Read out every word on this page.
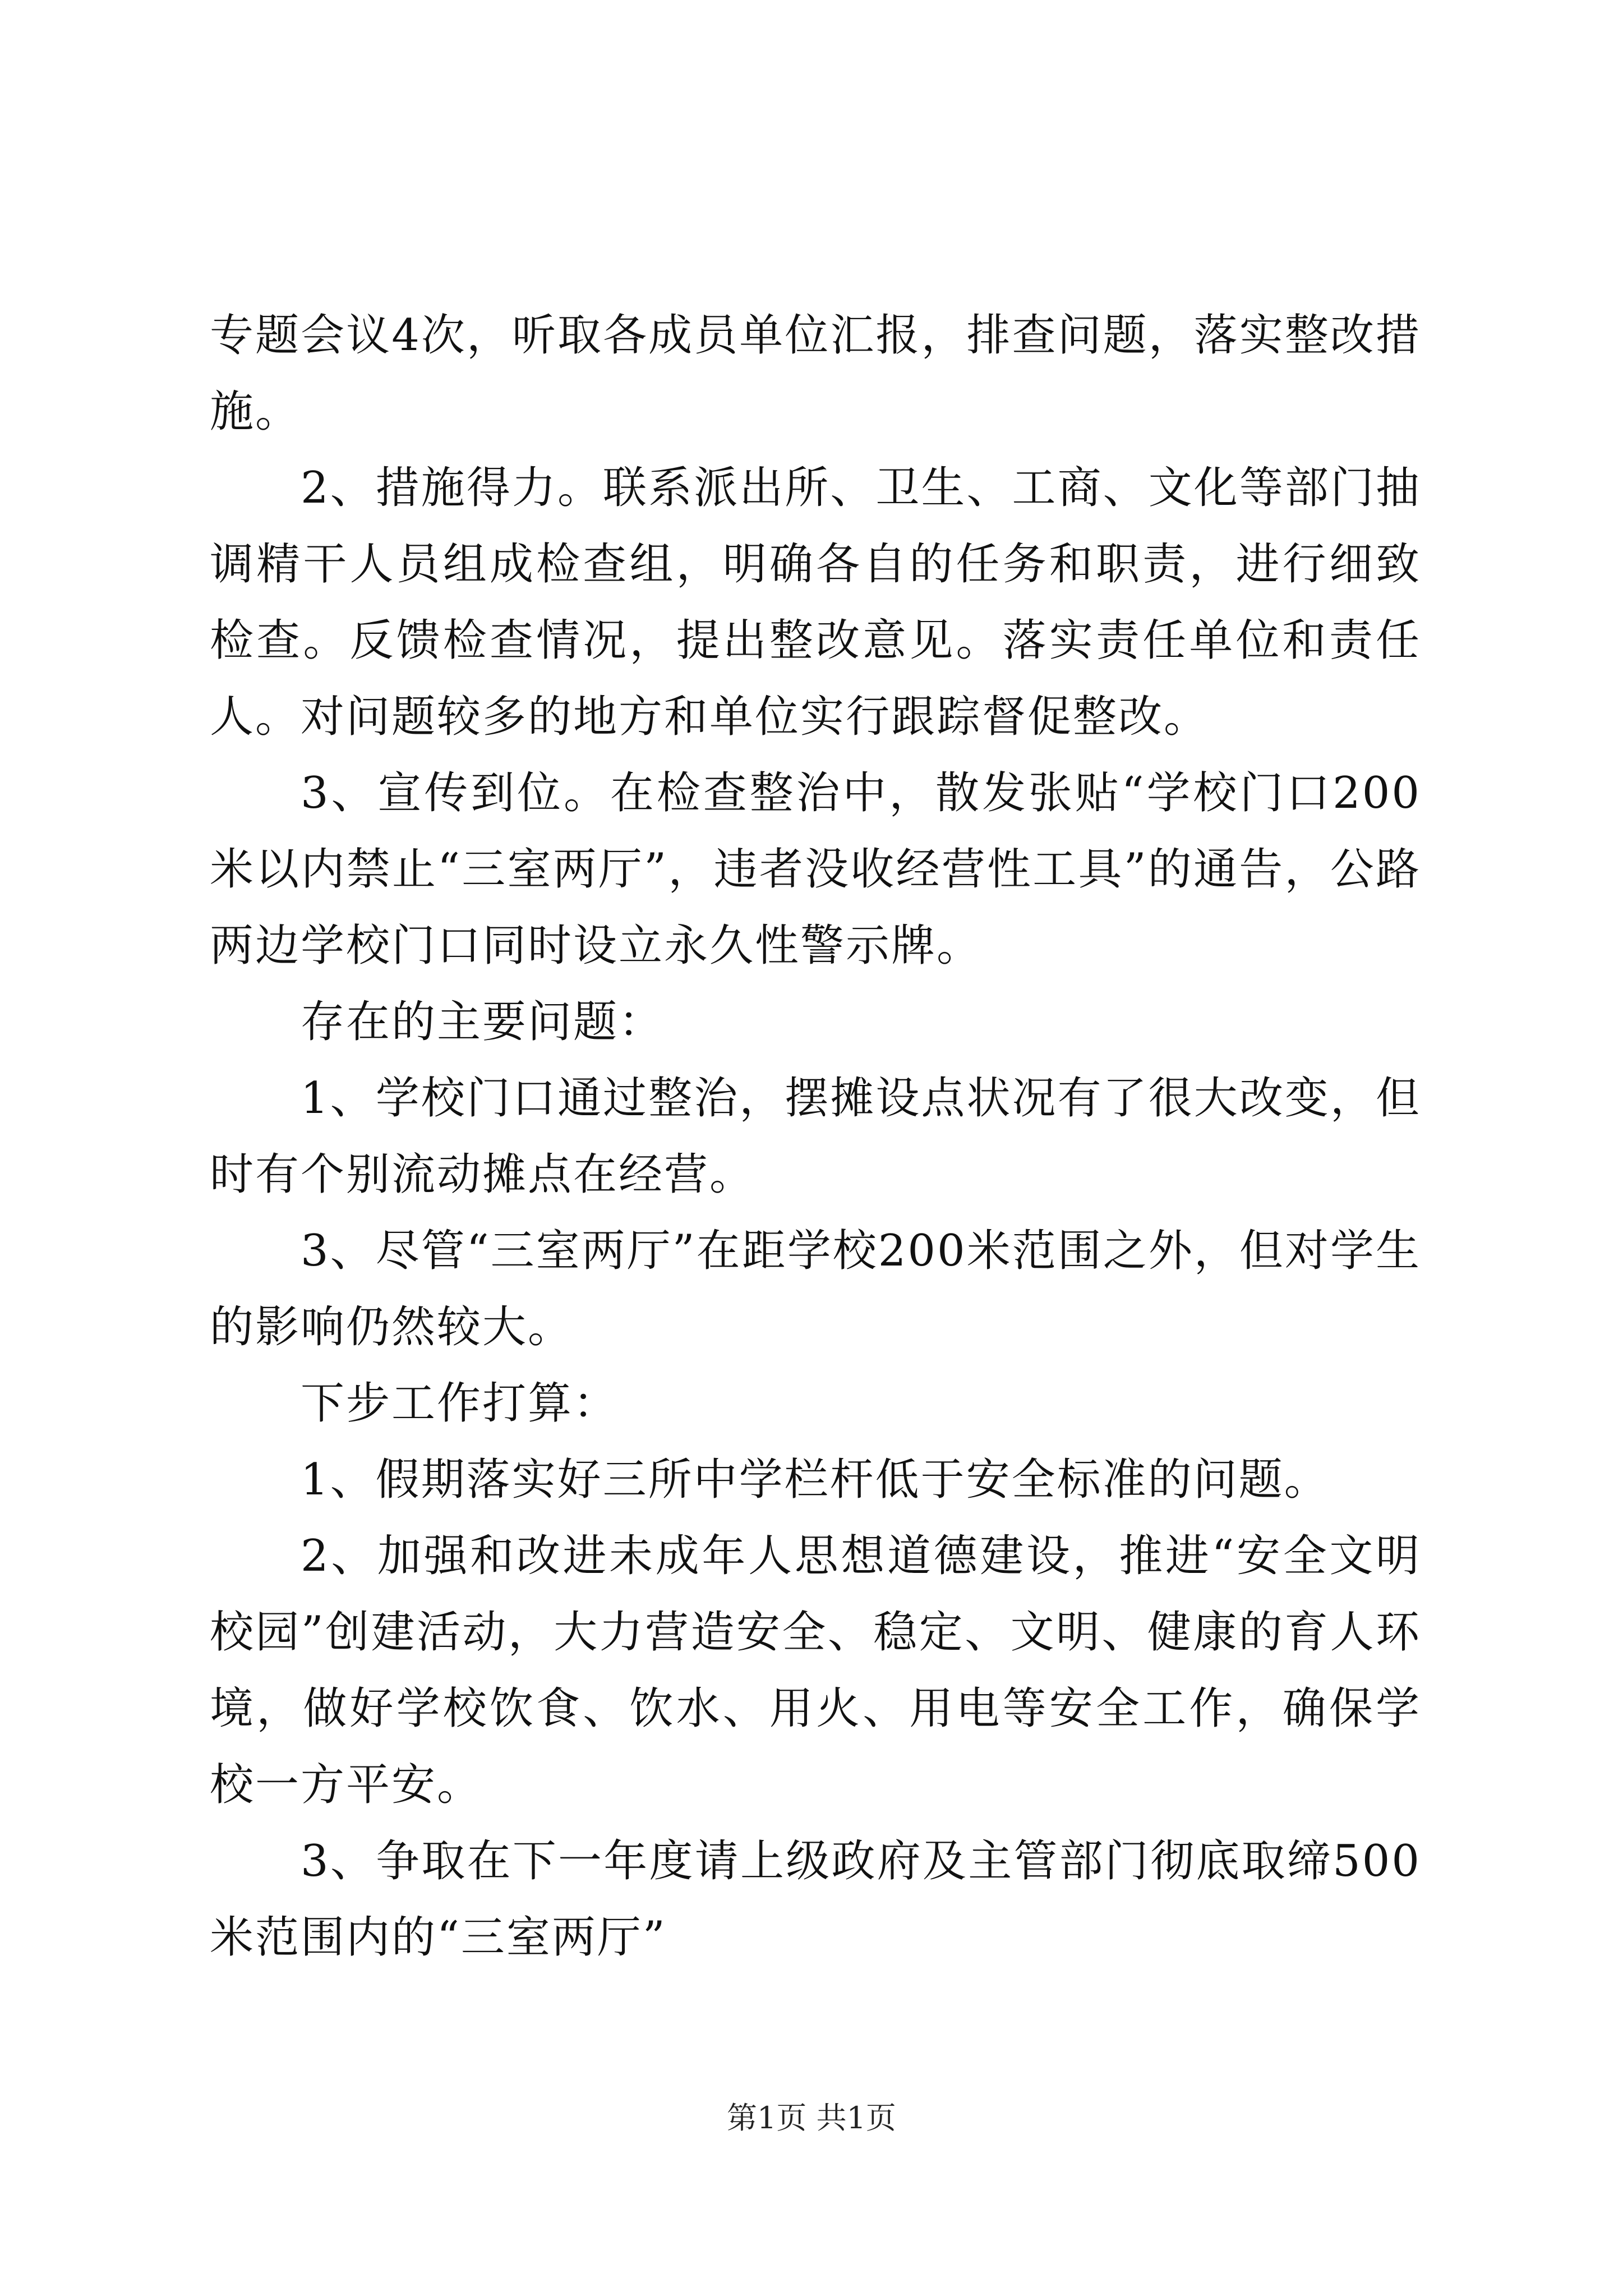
专题会议4次，听取各成员单位汇报，排查问题，落实整改措施。

2、措施得力。联系派出所、卫生、工商、文化等部门抽调精干人员组成检查组，明确各自的任务和职责，进行细致检查。反馈检查情况，提出整改意见。落实责任单位和责任人。对问题较多的地方和单位实行跟踪督促整改。

3、宣传到位。在检查整治中，散发张贴“学校门口200米以内禁止“三室两厅”，违者没收经营性工具”的通告，公路两边学校门口同时设立永久性警示牌。

存在的主要问题：

1、学校门口通过整治，摆摊设点状况有了很大改变，但时有个别流动摊点在经营。

3、尽管“三室两厅”在距学校200米范围之外，但对学生的影响仍然较大。

下步工作打算：

1、假期落实好三所中学栏杆低于安全标准的问题。

2、加强和改进未成年人思想道德建设，推进“安全文明校园”创建活动，大力营造安全、稳定、文明、健康的育人环境，做好学校饮食、饮水、用火、用电等安全工作，确保学校一方平安。

3、争取在下一年度请上级政府及主管部门彻底取缔500米范围内的“三室两厅”

第1页 共1页
